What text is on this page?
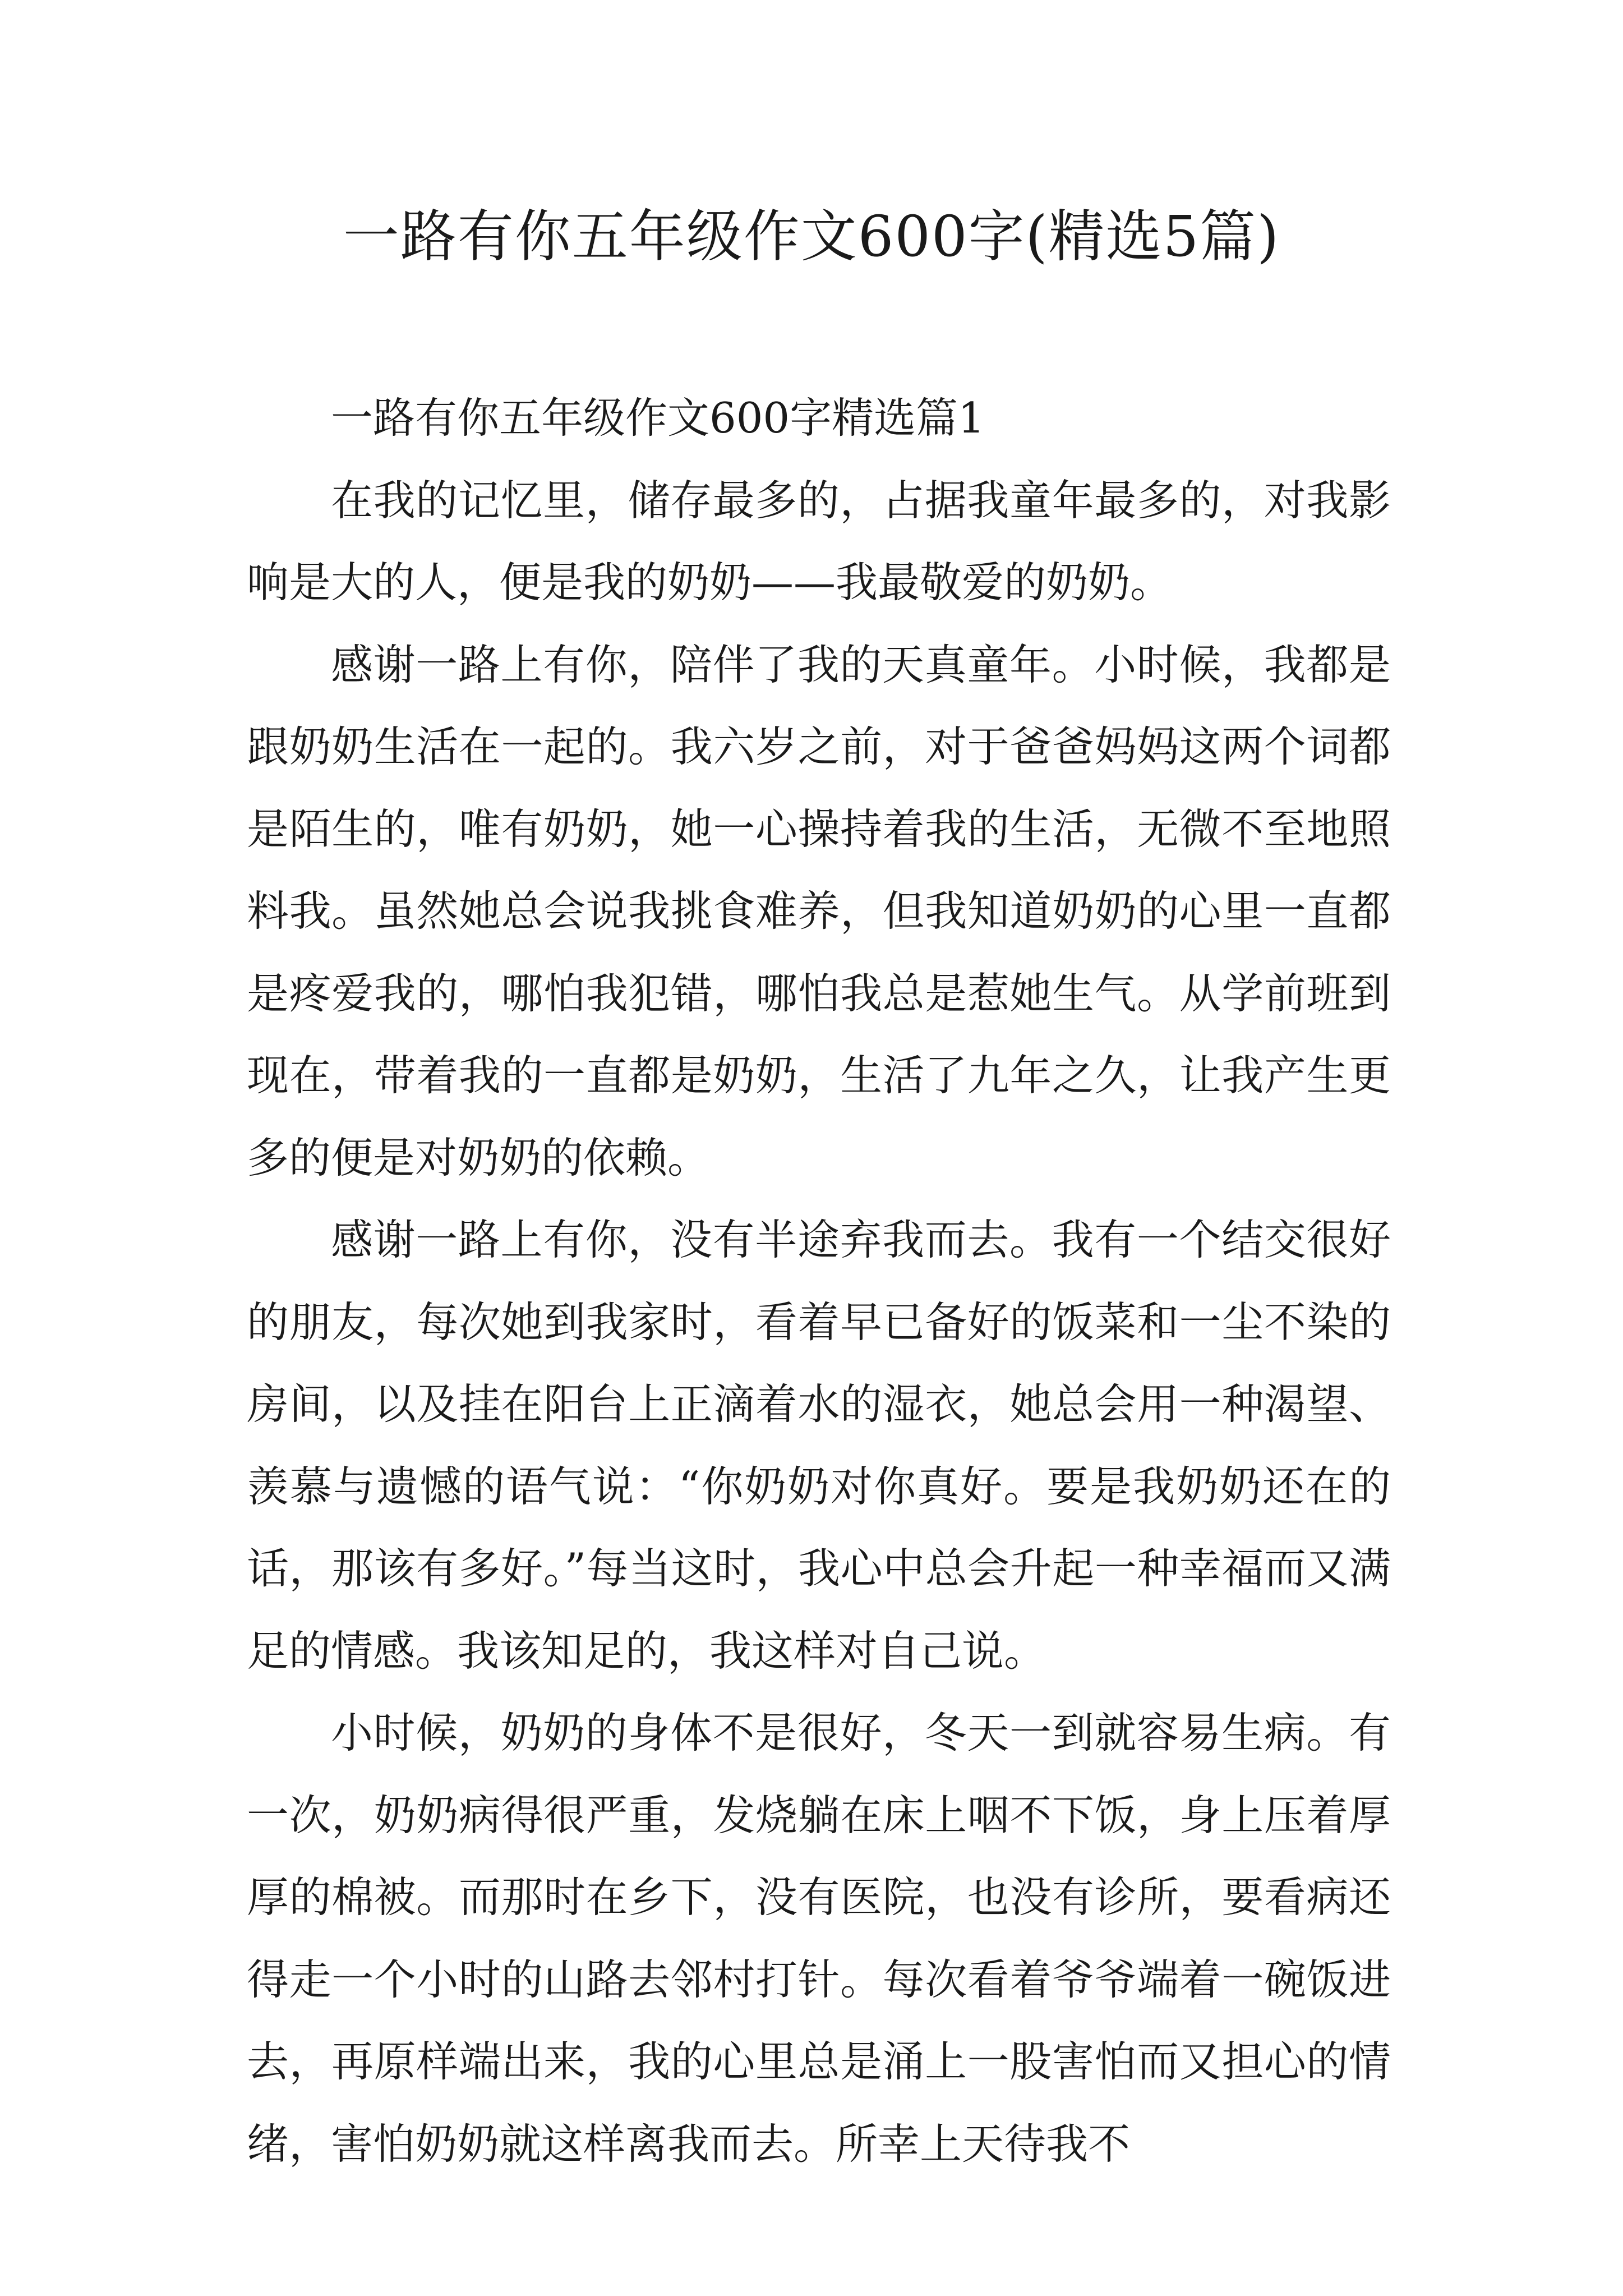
一路有你五年级作文600字(精选5篇)

一路有你五年级作文600字精选篇1

在我的记忆里，储存最多的，占据我童年最多的，对我影响是大的人，便是我的奶奶——我最敬爱的奶奶。

感谢一路上有你，陪伴了我的天真童年。小时候，我都是跟奶奶生活在一起的。我六岁之前，对于爸爸妈妈这两个词都是陌生的，唯有奶奶，她一心操持着我的生活，无微不至地照料我。虽然她总会说我挑食难养，但我知道奶奶的心里一直都是疼爱我的，哪怕我犯错，哪怕我总是惹她生气。从学前班到现在，带着我的一直都是奶奶，生活了九年之久，让我产生更多的便是对奶奶的依赖。

感谢一路上有你，没有半途弃我而去。我有一个结交很好的朋友，每次她到我家时，看着早已备好的饭菜和一尘不染的房间，以及挂在阳台上正滴着水的湿衣，她总会用一种渴望、羡慕与遗憾的语气说：“你奶奶对你真好。要是我奶奶还在的话，那该有多好。”每当这时，我心中总会升起一种幸福而又满足的情感。我该知足的，我这样对自己说。

小时候，奶奶的身体不是很好，冬天一到就容易生病。有一次，奶奶病得很严重，发烧躺在床上咽不下饭，身上压着厚厚的棉被。而那时在乡下，没有医院，也没有诊所，要看病还得走一个小时的山路去邻村打针。每次看着爷爷端着一碗饭进去，再原样端出来，我的心里总是涌上一股害怕而又担心的情绪，害怕奶奶就这样离我而去。所幸上天待我不
